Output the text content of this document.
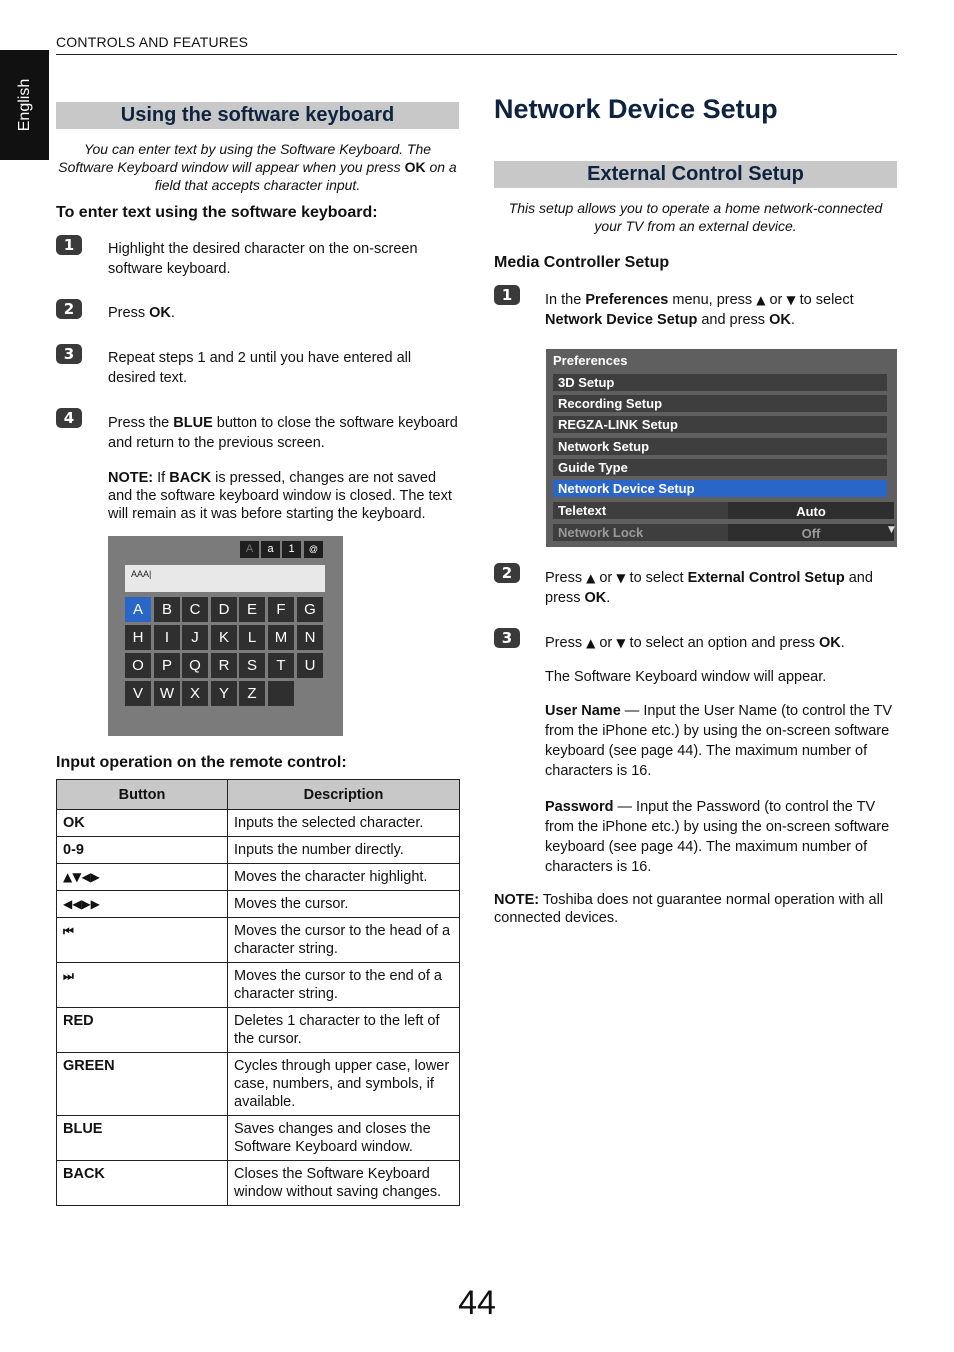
English
CONTROLS AND FEATURES
Using the software keyboard
You can enter text by using the Software Keyboard. The Software Keyboard window will appear when you press OK on a field that accepts character input.
To enter text using the software keyboard:
1	Highlight the desired character on the on-screen software keyboard.
2	Press OK.
3	Repeat steps 1 and 2 until you have entered all desired text.
4	Press the BLUE button to close the software keyboard and return to the previous screen.
NOTE: If BACK is pressed, changes are not saved and the software keyboard window is closed. The text will remain as it was before starting the keyboard.
A	a	1	@
AAA|
A	B	C	D	E	F	G
H	I	J	K	L	M	N
O	P	Q	R	S	T	U
V	W	X	Y	Z
Input operation on the remote control:
Button	Description
OK	Inputs the selected character.
0-9	Inputs the number directly.
▲▼◀▶	Moves the character highlight.
◀◀▶▶	Moves the cursor.
⏮	Moves the cursor to the head of a character string.
⏭	Moves the cursor to the end of a character string.
RED	Deletes 1 character to the left of the cursor.
GREEN	Cycles through upper case, lower case, numbers, and symbols, if available.
BLUE	Saves changes and closes the Software Keyboard window.
BACK	Closes the Software Keyboard window without saving changes.
Network Device Setup
External Control Setup
This setup allows you to operate a home network-connected your TV from an external device.
Media Controller Setup
1	In the Preferences menu, press ▲ or ▼ to select Network Device Setup and press OK.
Preferences
3D Setup
Recording Setup
REGZA-LINK Setup
Network Setup
Guide Type
Network Device Setup
Teletext	Auto
Network Lock	Off	▼
2	Press ▲ or ▼ to select External Control Setup and press OK.
3	Press ▲ or ▼ to select an option and press OK.
The Software Keyboard window will appear.
User Name — Input the User Name (to control the TV from the iPhone etc.) by using the on-screen software keyboard (see page 44). The maximum number of characters is 16.
Password — Input the Password (to control the TV from the iPhone etc.) by using the on-screen software keyboard (see page 44). The maximum number of characters is 16.
NOTE: Toshiba does not guarantee normal operation with all connected devices.
44
